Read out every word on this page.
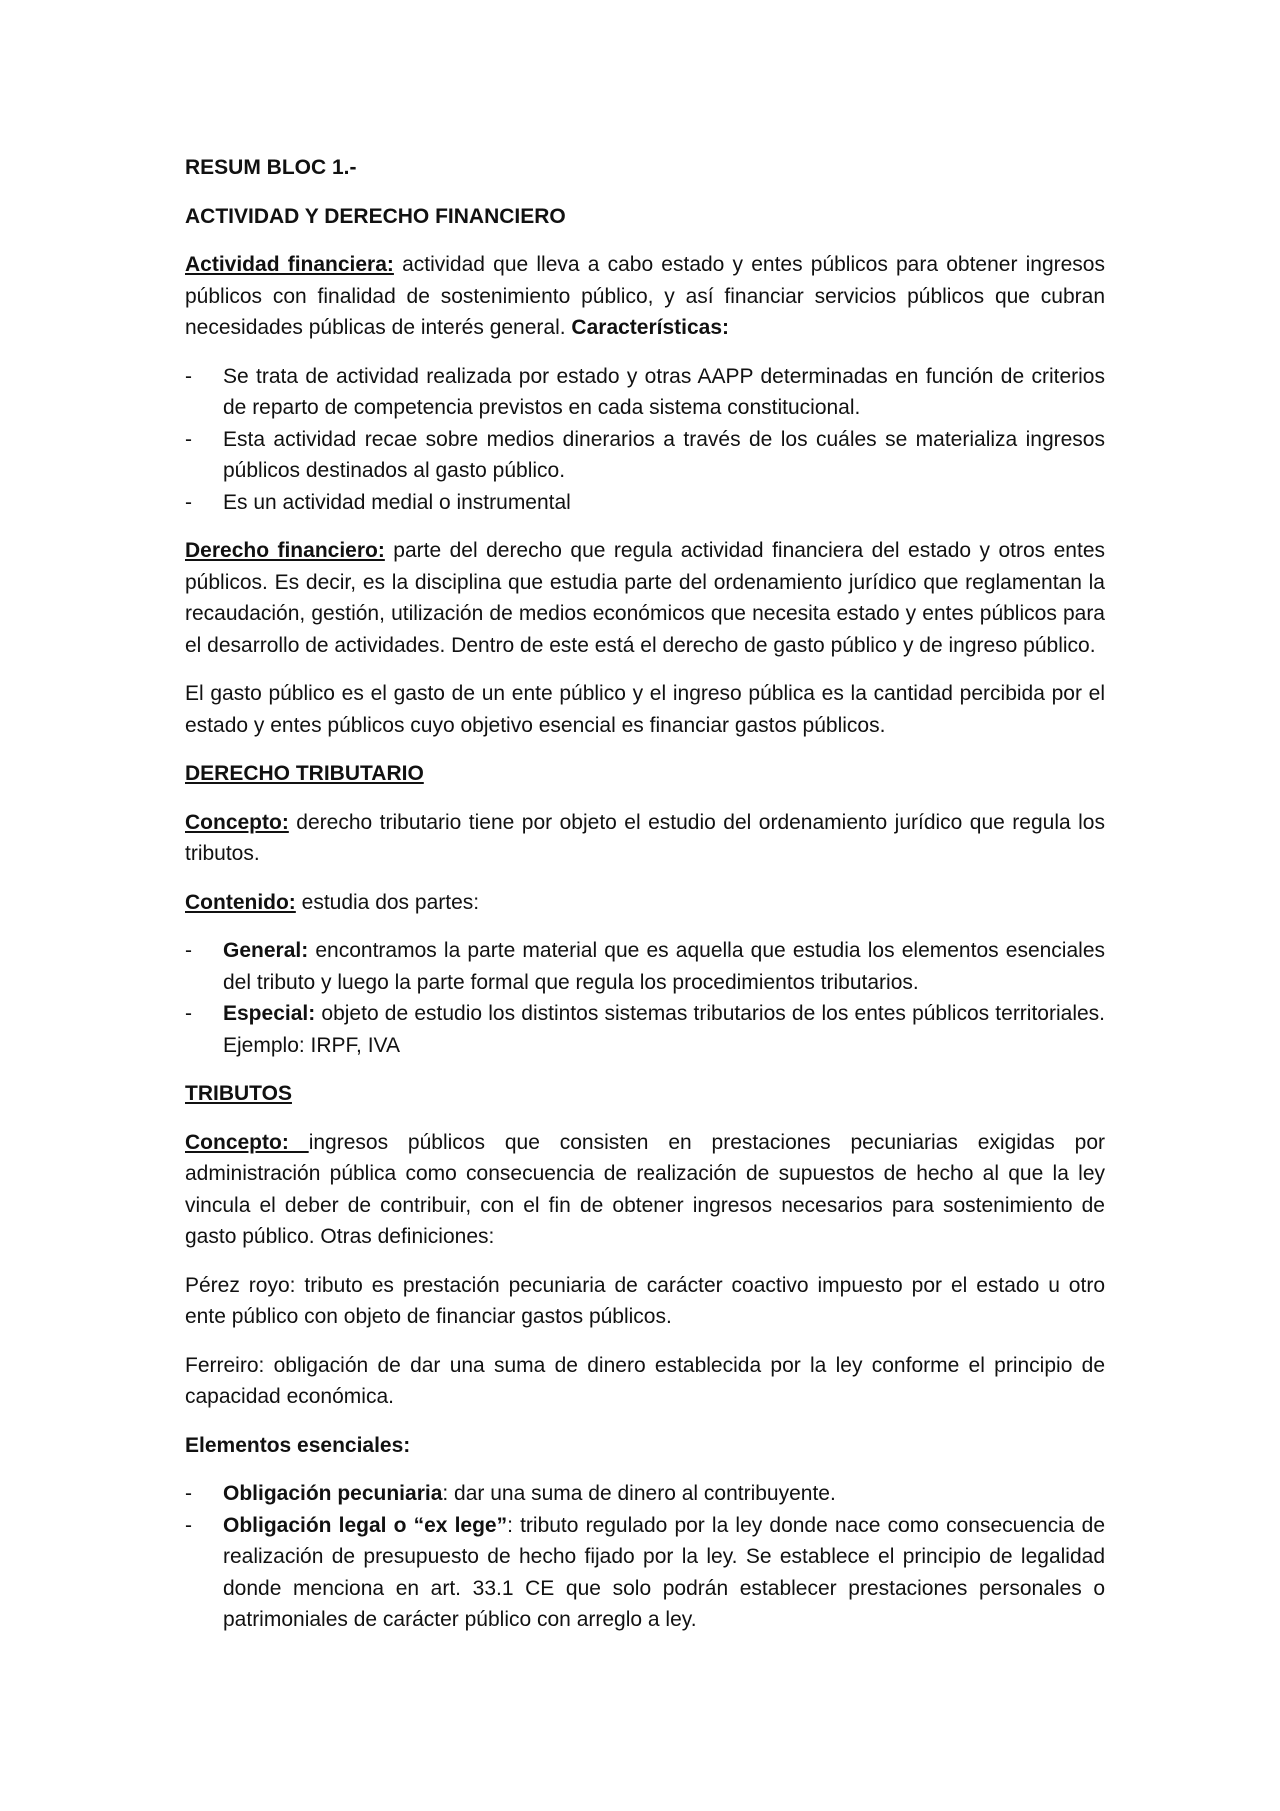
RESUM BLOC 1.-

ACTIVIDAD Y DERECHO FINANCIERO

Actividad financiera: actividad que lleva a cabo estado y entes públicos para obtener ingresos públicos con finalidad de sostenimiento público, y así financiar servicios públicos que cubran necesidades públicas de interés general. Características:

- Se trata de actividad realizada por estado y otras AAPP determinadas en función de criterios de reparto de competencia previstos en cada sistema constitucional.
- Esta actividad recae sobre medios dinerarios a través de los cuáles se materializa ingresos públicos destinados al gasto público.
- Es un actividad medial o instrumental

Derecho financiero: parte del derecho que regula actividad financiera del estado y otros entes públicos. Es decir, es la disciplina que estudia parte del ordenamiento jurídico que reglamentan la recaudación, gestión, utilización de medios económicos que necesita estado y entes públicos para el desarrollo de actividades. Dentro de este está el derecho de gasto público y de ingreso público.

El gasto público es el gasto de un ente público y el ingreso pública es la cantidad percibida por el estado y entes públicos cuyo objetivo esencial es financiar gastos públicos.

DERECHO TRIBUTARIO

Concepto: derecho tributario tiene por objeto el estudio del ordenamiento jurídico que regula los tributos.

Contenido: estudia dos partes:

- General: encontramos la parte material que es aquella que estudia los elementos esenciales del tributo y luego la parte formal que regula los procedimientos tributarios.
- Especial: objeto de estudio los distintos sistemas tributarios de los entes públicos territoriales. Ejemplo: IRPF, IVA

TRIBUTOS

Concepto: ingresos públicos que consisten en prestaciones pecuniarias exigidas por administración pública como consecuencia de realización de supuestos de hecho al que la ley vincula el deber de contribuir, con el fin de obtener ingresos necesarios para sostenimiento de gasto público. Otras definiciones:

Pérez royo: tributo es prestación pecuniaria de carácter coactivo impuesto por el estado u otro ente público con objeto de financiar gastos públicos.

Ferreiro: obligación de dar una suma de dinero establecida por la ley conforme el principio de capacidad económica.

Elementos esenciales:

- Obligación pecuniaria: dar una suma de dinero al contribuyente.
- Obligación legal o “ex lege”: tributo regulado por la ley donde nace como consecuencia de realización de presupuesto de hecho fijado por la ley. Se establece el principio de legalidad donde menciona en art. 33.1 CE que solo podrán establecer prestaciones personales o patrimoniales de carácter público con arreglo a ley.
